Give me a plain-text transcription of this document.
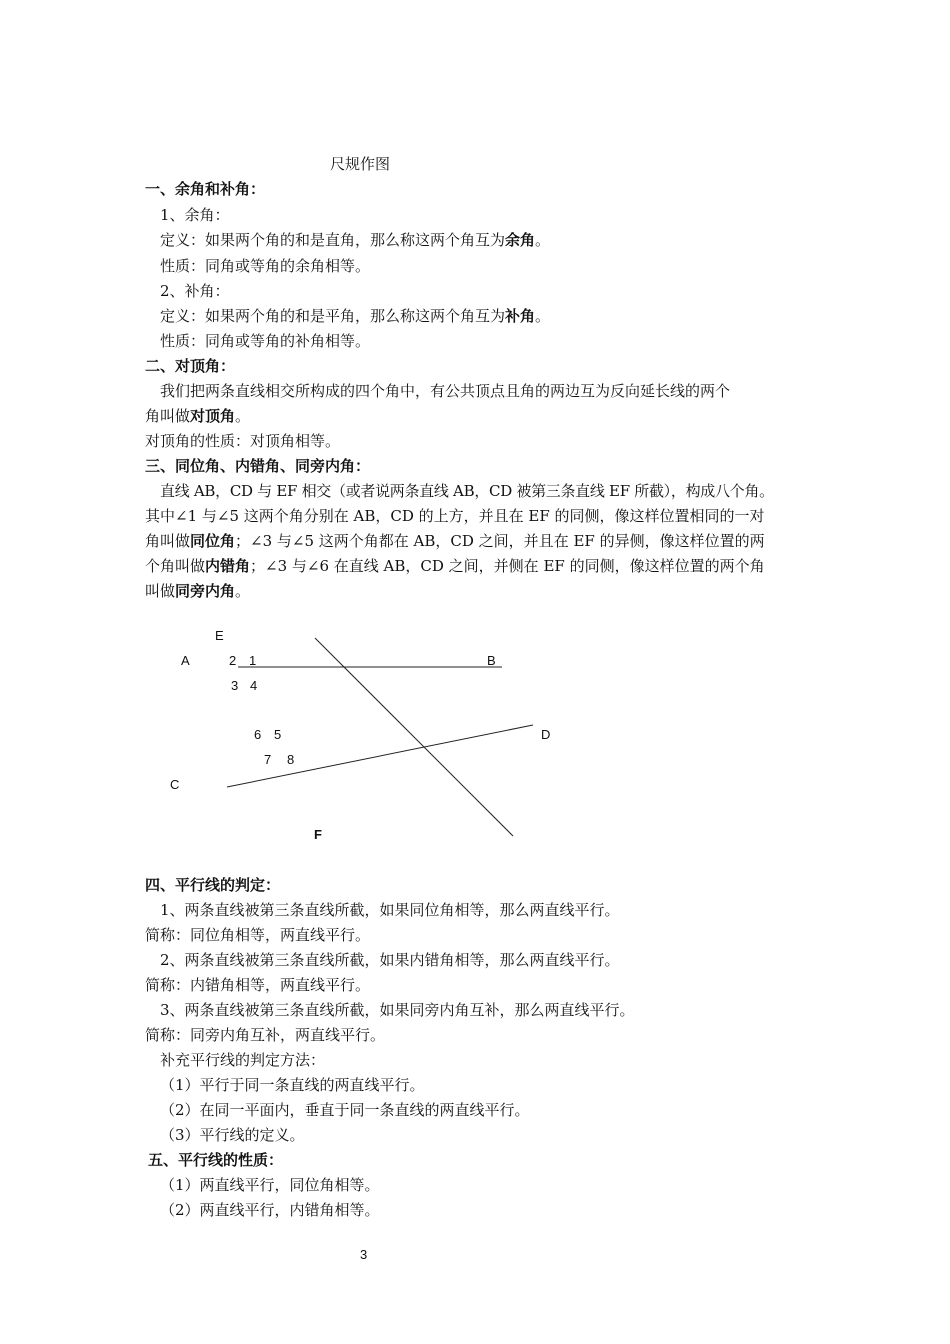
尺规作图
一、余角和补角：
1、余角：
定义：如果两个角的和是直角，那么称这两个角互为余角。
性质：同角或等角的余角相等。
2、补角：
定义：如果两个角的和是平角，那么称这两个角互为补角。
性质：同角或等角的补角相等。
二、对顶角：
我们把两条直线相交所构成的四个角中，有公共顶点且角的两边互为反向延长线的两个
角叫做对顶角。
对顶角的性质：对顶角相等。
三、同位角、内错角、同旁内角：
直线 AB，CD 与 EF 相交（或者说两条直线 AB，CD 被第三条直线 EF 所截），构成八个角。
其中∠1 与∠5 这两个角分别在 AB，CD 的上方，并且在 EF 的同侧，像这样位置相同的一对
角叫做同位角；∠3 与∠5 这两个角都在 AB，CD 之间，并且在 EF 的异侧，像这样位置的两
个角叫做内错角；∠3 与∠6 在直线 AB，CD 之间，并侧在 EF 的同侧，像这样位置的两个角
叫做同旁内角。
E
A	2 1	B
3 4
6 5	D
7 8
C
F
四、平行线的判定：
1、两条直线被第三条直线所截，如果同位角相等，那么两直线平行。
简称：同位角相等，两直线平行。
2、两条直线被第三条直线所截，如果内错角相等，那么两直线平行。
简称：内错角相等，两直线平行。
3、两条直线被第三条直线所截，如果同旁内角互补，那么两直线平行。
简称：同旁内角互补，两直线平行。
补充平行线的判定方法：
（1）平行于同一条直线的两直线平行。
（2）在同一平面内，垂直于同一条直线的两直线平行。
（3）平行线的定义。
五、平行线的性质：
（1）两直线平行，同位角相等。
（2）两直线平行，内错角相等。
3
